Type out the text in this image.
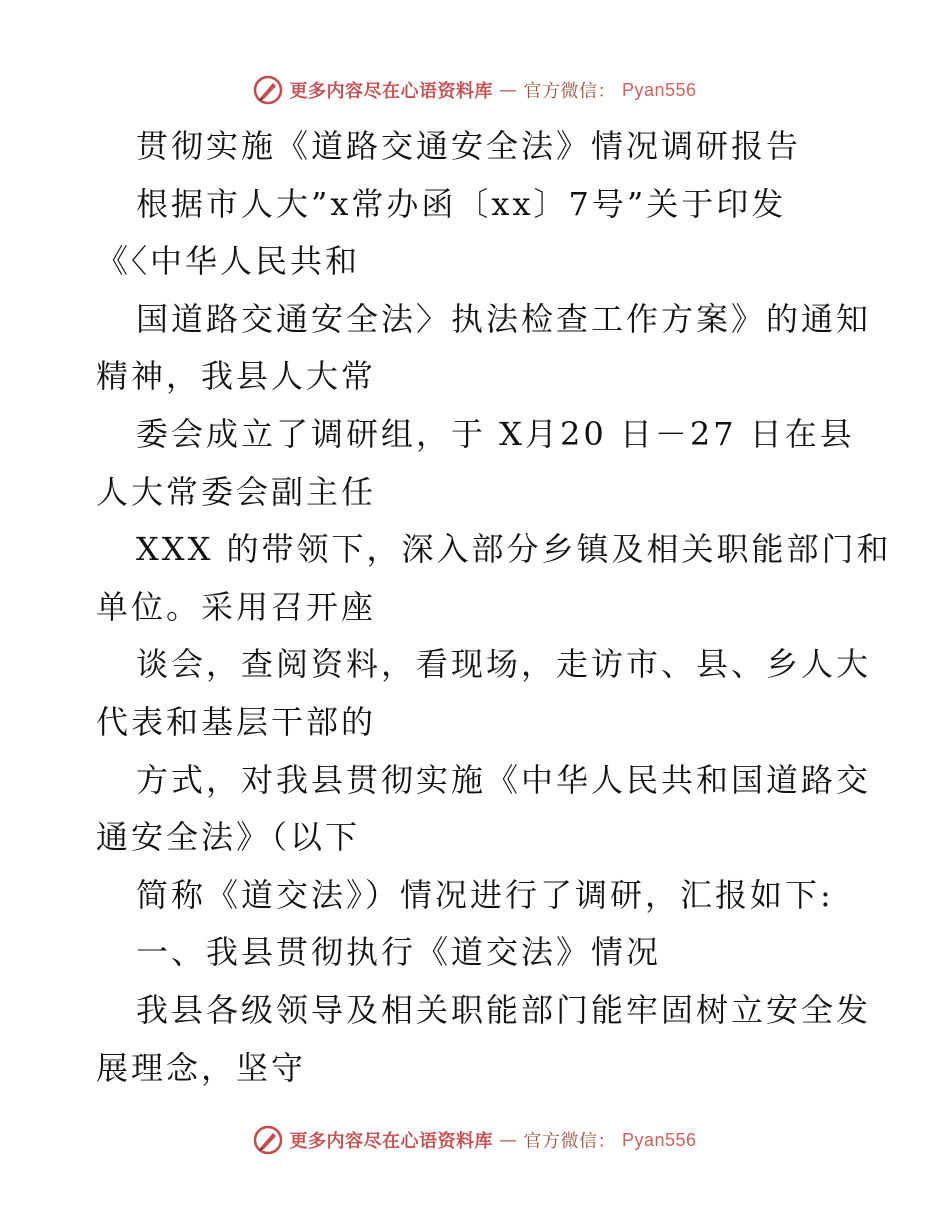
更多内容尽在心语资料库 — 官方微信： Pyan556
贯彻实施《道路交通安全法》情况调研报告
根据市人大”x常办函〔xx〕7号”关于印发
《〈中华人民共和
国道路交通安全法〉执法检查工作方案》的通知
精神，我县人大常
委会成立了调研组，于 X月20 日－27 日在县
人大常委会副主任
XXX 的带领下，深入部分乡镇及相关职能部门和
单位。采用召开座
谈会，查阅资料，看现场，走访市、县、乡人大
代表和基层干部的
方式，对我县贯彻实施《中华人民共和国道路交
通安全法》（以下
简称《道交法》）情况进行了调研，汇报如下:
一、我县贯彻执行《道交法》情况
我县各级领导及相关职能部门能牢固树立安全发
展理念，坚守
更多内容尽在心语资料库 — 官方微信： Pyan556
